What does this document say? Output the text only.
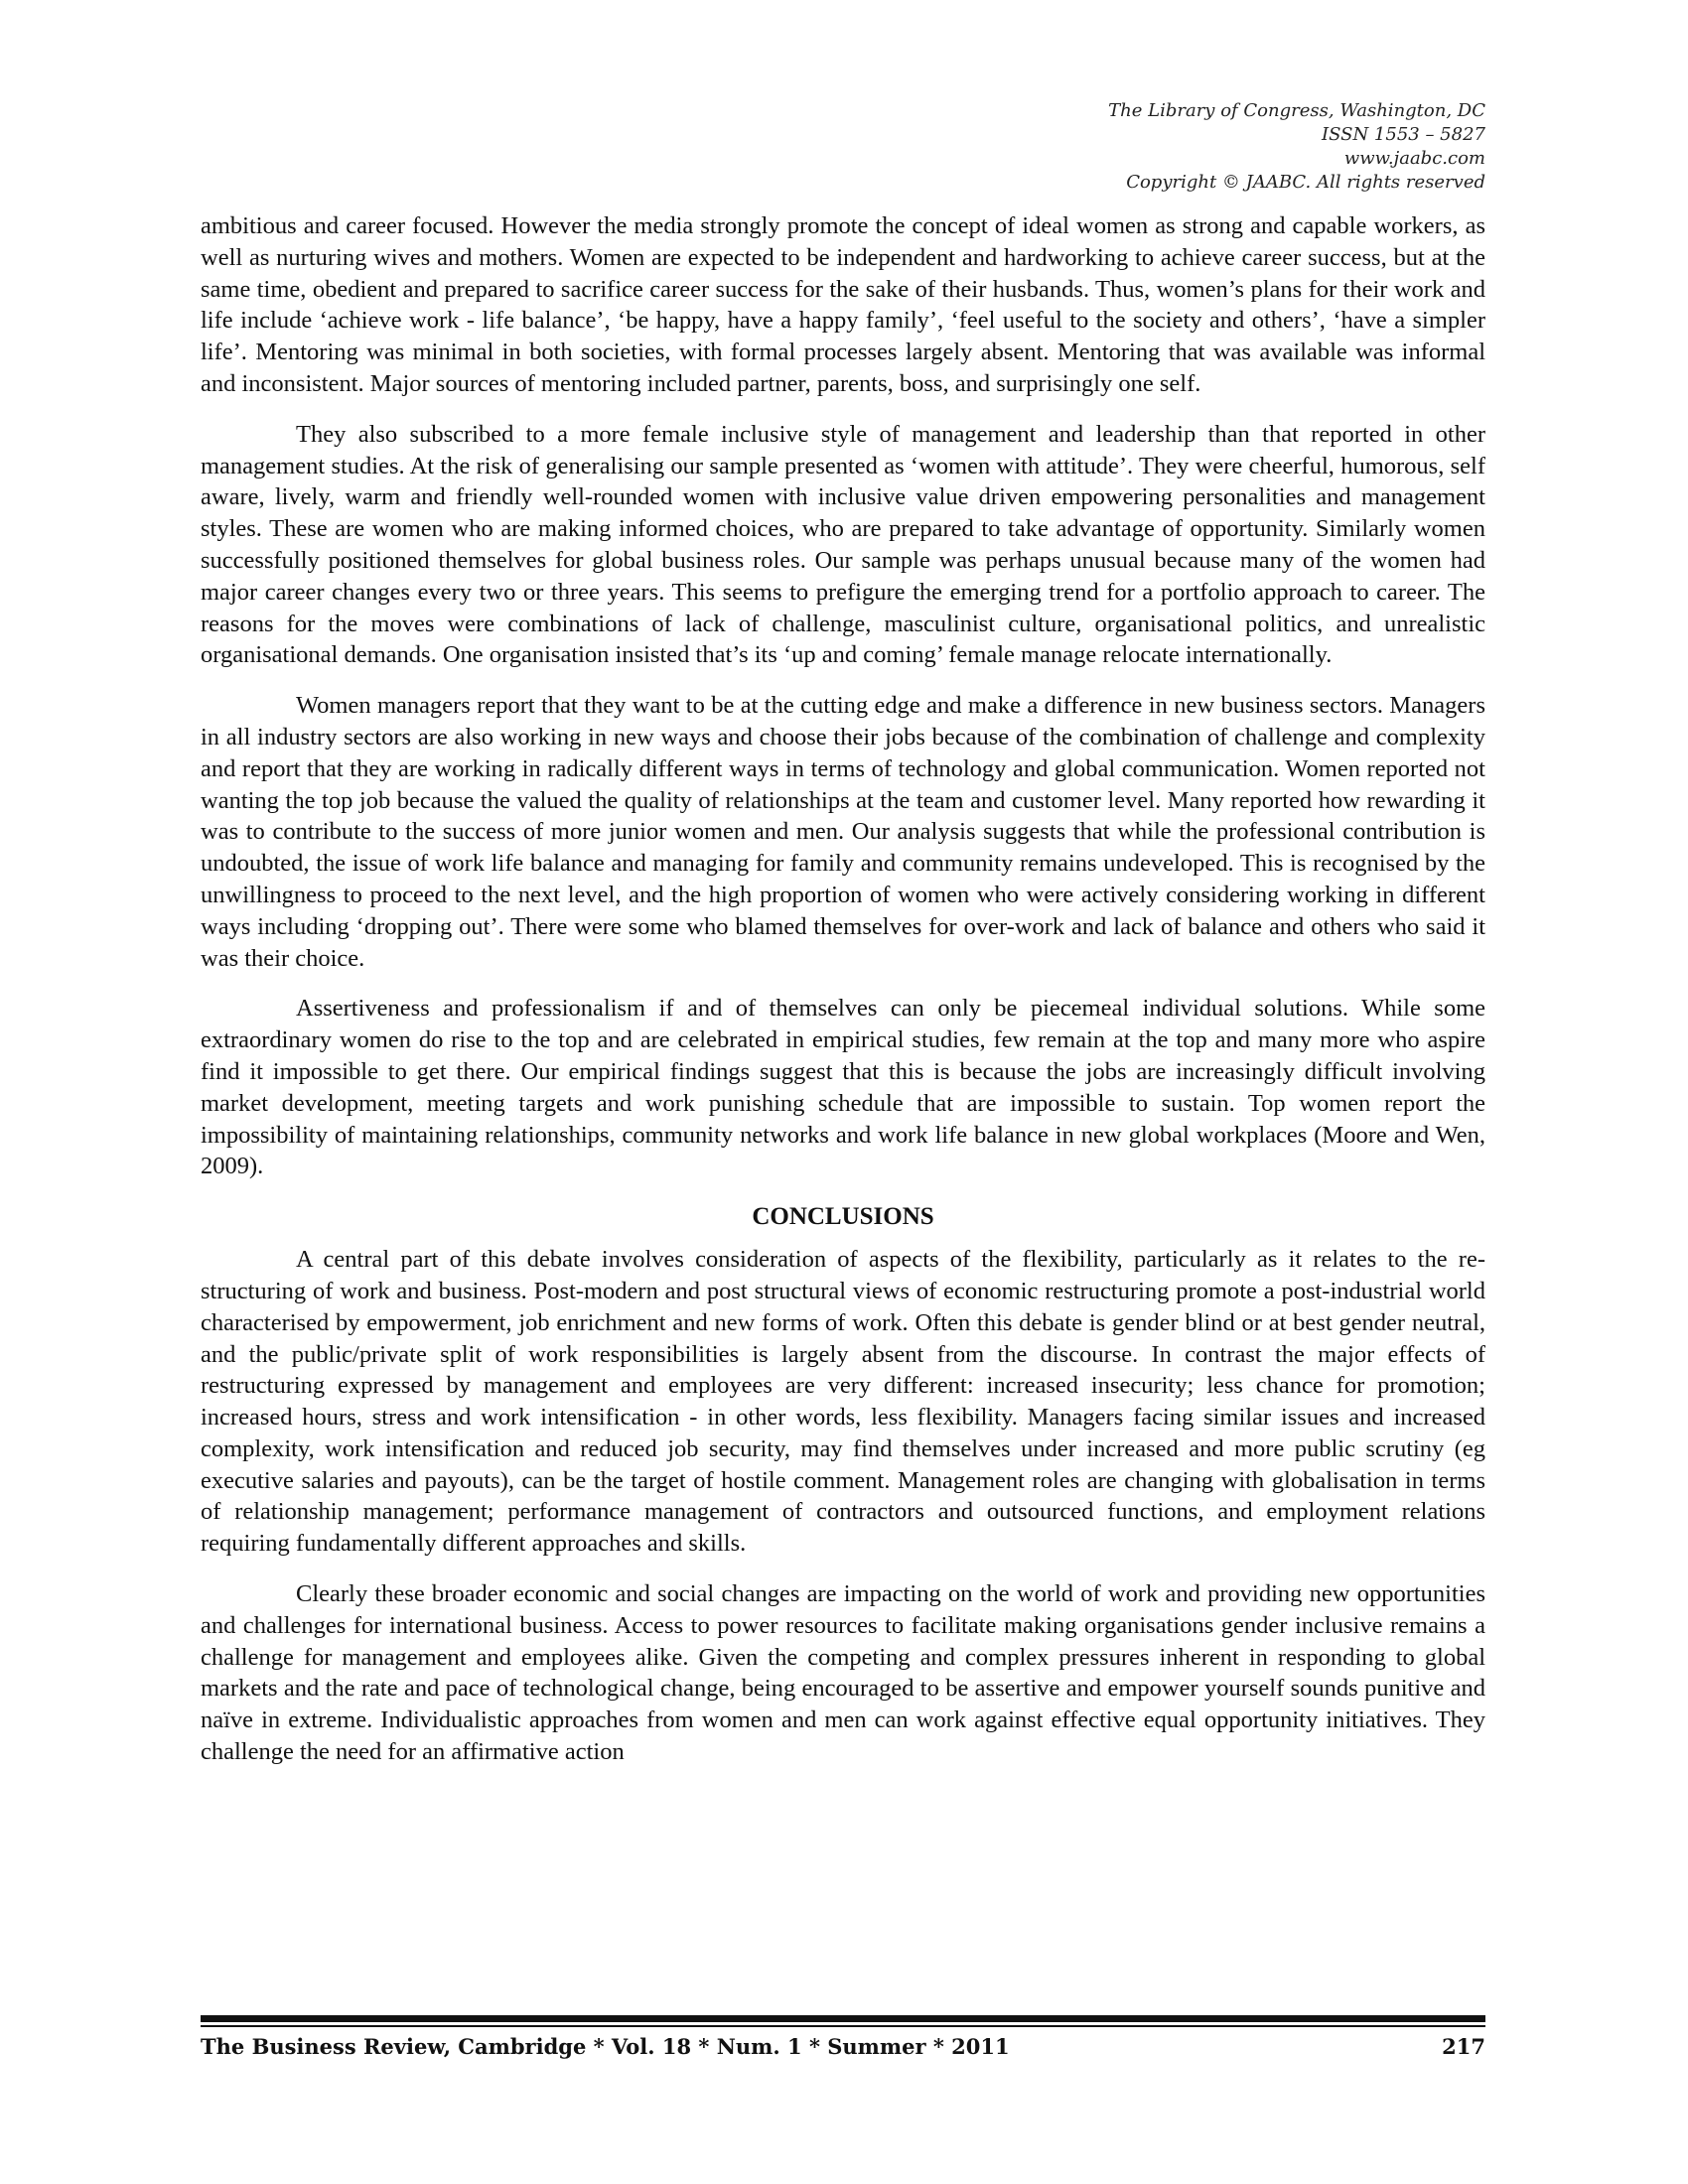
The Library of Congress, Washington, DC
ISSN 1553 – 5827
www.jaabc.com
Copyright © JAABC. All rights reserved

ambitious and career focused. However the media strongly promote the concept of ideal women as strong and capable workers, as well as nurturing wives and mothers. Women are expected to be independent and hardworking to achieve career success, but at the same time, obedient and prepared to sacrifice career success for the sake of their husbands. Thus, women’s plans for their work and life include ‘achieve work - life balance’, ‘be happy, have a happy family’, ‘feel useful to the society and others’, ‘have a simpler life’. Mentoring was minimal in both societies, with formal processes largely absent. Mentoring that was available was informal and inconsistent. Major sources of mentoring included partner, parents, boss, and surprisingly one self.

They also subscribed to a more female inclusive style of management and leadership than that reported in other management studies. At the risk of generalising our sample presented as ‘women with attitude’. They were cheerful, humorous, self aware, lively, warm and friendly well-rounded women with inclusive value driven empowering personalities and management styles. These are women who are making informed choices, who are prepared to take advantage of opportunity. Similarly women successfully positioned themselves for global business roles. Our sample was perhaps unusual because many of the women had major career changes every two or three years. This seems to prefigure the emerging trend for a portfolio approach to career. The reasons for the moves were combinations of lack of challenge, masculinist culture, organisational politics, and unrealistic organisational demands. One organisation insisted that’s its ‘up and coming’ female manage relocate internationally.

Women managers report that they want to be at the cutting edge and make a difference in new business sectors. Managers in all industry sectors are also working in new ways and choose their jobs because of the combination of challenge and complexity and report that they are working in radically different ways in terms of technology and global communication. Women reported not wanting the top job because the valued the quality of relationships at the team and customer level. Many reported how rewarding it was to contribute to the success of more junior women and men. Our analysis suggests that while the professional contribution is undoubted, the issue of work life balance and managing for family and community remains undeveloped. This is recognised by the unwillingness to proceed to the next level, and the high proportion of women who were actively considering working in different ways including ‘dropping out’. There were some who blamed themselves for over-work and lack of balance and others who said it was their choice.

Assertiveness and professionalism if and of themselves can only be piecemeal individual solutions. While some extraordinary women do rise to the top and are celebrated in empirical studies, few remain at the top and many more who aspire find it impossible to get there. Our empirical findings suggest that this is because the jobs are increasingly difficult involving market development, meeting targets and work punishing schedule that are impossible to sustain. Top women report the impossibility of maintaining relationships, community networks and work life balance in new global workplaces (Moore and Wen, 2009).

CONCLUSIONS

A central part of this debate involves consideration of aspects of the flexibility, particularly as it relates to the re-structuring of work and business. Post-modern and post structural views of economic restructuring promote a post-industrial world characterised by empowerment, job enrichment and new forms of work. Often this debate is gender blind or at best gender neutral, and the public/private split of work responsibilities is largely absent from the discourse. In contrast the major effects of restructuring expressed by management and employees are very different: increased insecurity; less chance for promotion; increased hours, stress and work intensification - in other words, less flexibility. Managers facing similar issues and increased complexity, work intensification and reduced job security, may find themselves under increased and more public scrutiny (eg executive salaries and payouts), can be the target of hostile comment. Management roles are changing with globalisation in terms of relationship management; performance management of contractors and outsourced functions, and employment relations requiring fundamentally different approaches and skills.

Clearly these broader economic and social changes are impacting on the world of work and providing new opportunities and challenges for international business. Access to power resources to facilitate making organisations gender inclusive remains a challenge for management and employees alike. Given the competing and complex pressures inherent in responding to global markets and the rate and pace of technological change, being encouraged to be assertive and empower yourself sounds punitive and naïve in extreme. Individualistic approaches from women and men can work against effective equal opportunity initiatives. They challenge the need for an affirmative action

The Business Review, Cambridge * Vol. 18 * Num. 1 * Summer * 2011	217
